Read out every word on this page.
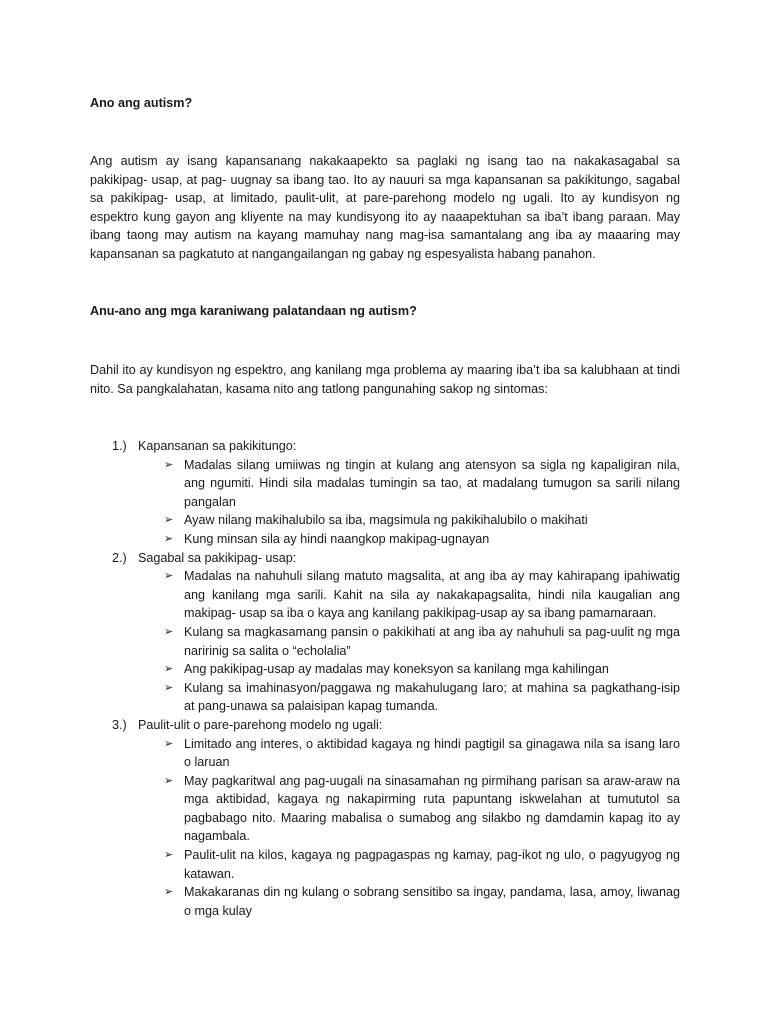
Ano ang autism?
Ang autism ay isang kapansanang nakakaapekto sa paglaki ng isang tao na nakakasagabal sa pakikipag- usap, at pag- uugnay sa ibang tao. Ito ay nauuri sa mga kapansanan sa pakikitungo, sagabal sa pakikipag- usap, at limitado, paulit-ulit, at pare-parehong modelo ng ugali. Ito ay kundisyon ng espektro kung gayon ang kliyente na may kundisyong ito ay naaapektuhan sa iba’t ibang paraan. May ibang taong may autism na kayang mamuhay nang mag-isa samantalang ang iba ay maaaring may kapansanan sa pagkatuto at nangangailangan ng gabay ng espesyalista habang panahon.
Anu-ano ang mga karaniwang palatandaan ng autism?
Dahil ito ay kundisyon ng espektro, ang kanilang mga problema ay maaring iba’t iba sa kalubhaan at tindi nito. Sa pangkalahatan, kasama nito ang tatlong pangunahing sakop ng sintomas:
1.) Kapansanan sa pakikitungo:
➢ Madalas silang umiiwas ng tingin at kulang ang atensyon sa sigla ng kapaligiran nila, ang ngumiti. Hindi sila madalas tumingin sa tao, at madalang tumugon sa sarili nilang pangalan
➢ Ayaw nilang makihalubilo sa iba, magsimula ng pakikihalubilo o makihati
➢ Kung minsan sila ay hindi naangkop makipag-ugnayan
2.) Sagabal sa pakikipag- usap:
➢ Madalas na nahuhuli silang matuto magsalita, at ang iba ay may kahirapang ipahiwatig ang kanilang mga sarili. Kahit na sila ay nakakapagsalita, hindi nila kaugalian ang makipag- usap sa iba o kaya ang kanilang pakikipag-usap ay sa ibang pamamaraan.
➢ Kulang sa magkasamang pansin o pakikihati at ang iba ay nahuhuli sa pag-uulit ng mga naririnig sa salita o “echolalia”
➢ Ang pakikipag-usap ay madalas may koneksyon sa kanilang mga kahilingan
➢ Kulang sa imahinasyon/paggawa ng makahulugang laro; at mahina sa pagkathang-isip at pang-unawa sa palaisipan kapag tumanda.
3.) Paulit-ulit o pare-parehong modelo ng ugali:
➢ Limitado ang interes, o aktibidad kagaya ng hindi pagtigil sa ginagawa nila sa isang laro o laruan
➢ May pagkaritwal ang pag-uugali na sinasamahan ng pirmihang parisan sa araw-araw na mga aktibidad, kagaya ng nakapirming ruta papuntang iskwelahan at tumututol sa pagbabago nito. Maaring mabalisa o sumabog ang silakbo ng damdamin kapag ito ay nagambala.
➢ Paulit-ulit na kilos, kagaya ng pagpagaspas ng kamay, pag-ikot ng ulo, o pagyugyog ng katawan.
➢ Makakaranas din ng kulang o sobrang sensitibo sa ingay, pandama, lasa, amoy, liwanag o mga kulay
